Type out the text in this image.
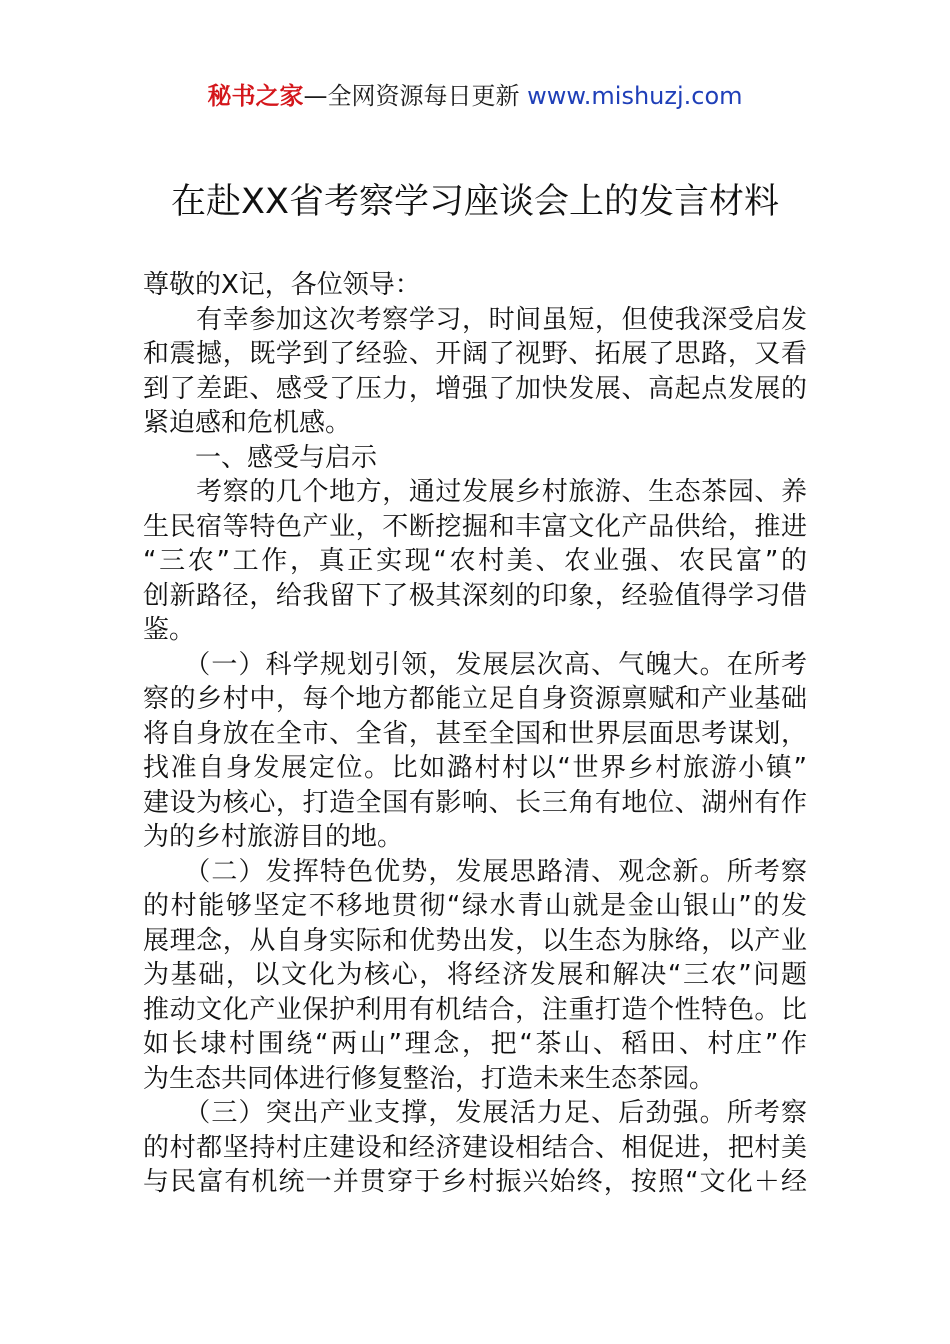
秘书之家—全网资源每日更新 www.mishuzj.com
在赴XX省考察学习座谈会上的发言材料
尊敬的X记，各位领导：
　　有幸参加这次考察学习，时间虽短，但使我深受启发
和震撼，既学到了经验、开阔了视野、拓展了思路，又看
到了差距、感受了压力，增强了加快发展、高起点发展的
紧迫感和危机感。
　　一、感受与启示
　　考察的几个地方，通过发展乡村旅游、生态茶园、养
生民宿等特色产业，不断挖掘和丰富文化产品供给，推进
“三农”工作，真正实现“农村美、农业强、农民富”的
创新路径，给我留下了极其深刻的印象，经验值得学习借
鉴。
　　（一）科学规划引领，发展层次高、气魄大。在所考
察的乡村中，每个地方都能立足自身资源禀赋和产业基础
将自身放在全市、全省，甚至全国和世界层面思考谋划，
找准自身发展定位。比如潞村村以“世界乡村旅游小镇”
建设为核心，打造全国有影响、长三角有地位、湖州有作
为的乡村旅游目的地。
　　（二）发挥特色优势，发展思路清、观念新。所考察
的村能够坚定不移地贯彻“绿水青山就是金山银山”的发
展理念，从自身实际和优势出发，以生态为脉络，以产业
为基础，以文化为核心，将经济发展和解决“三农”问题
推动文化产业保护利用有机结合，注重打造个性特色。比
如长埭村围绕“两山”理念，把“茶山、稻田、村庄”作
为生态共同体进行修复整治，打造未来生态茶园。
　　（三）突出产业支撑，发展活力足、后劲强。所考察
的村都坚持村庄建设和经济建设相结合、相促进，把村美
与民富有机统一并贯穿于乡村振兴始终，按照“文化＋经
